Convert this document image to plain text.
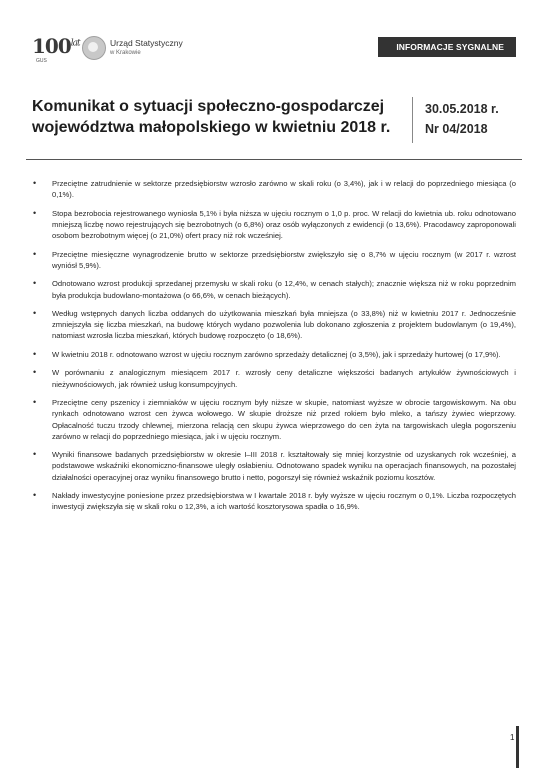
$100^{lat}$
GUS
Urząd Statystyczny
w Krakowie
INFORMACJE SYGNALNE
Komunikat o sytuacji społeczno-gospodarczej województwa małopolskiego w kwietniu 2018 r.
30.05.2018 r.
Nr 04/2018
• Przeciętne zatrudnienie w sektorze przedsiębiorstw wzrosło zarówno w skali roku (o 3,4%), jak i w relacji do poprzedniego miesiąca (o 0,1%).
• Stopa bezrobocia rejestrowanego wyniosła 5,1% i była niższa w ujęciu rocznym o 1,0 p. proc. W relacji do kwietnia ub. roku odnotowano mniejszą liczbę nowo rejestrujących się bezrobotnych (o 6,8%) oraz osób wyłączonych z ewidencji (o 13,6%). Pracodawcy zaproponowali osobom bezrobotnym więcej (o 21,0%) ofert pracy niż rok wcześniej.
• Przeciętne miesięczne wynagrodzenie brutto w sektorze przedsiębiorstw zwiększyło się o 8,7% w ujęciu rocznym (w 2017 r. wzrost wyniósł 5,9%).
• Odnotowano wzrost produkcji sprzedanej przemysłu w skali roku (o 12,4%, w cenach stałych); znacznie większa niż w roku poprzednim była produkcja budowlano-montażowa (o 66,6%, w cenach bieżących).
• Według wstępnych danych liczba oddanych do użytkowania mieszkań była mniejsza (o 33,8%) niż w kwietniu 2017 r. Jednocześnie zmniejszyła się liczba mieszkań, na budowę których wydano pozwolenia lub dokonano zgłoszenia z projektem budowlanym (o 19,4%), natomiast wzrosła liczba mieszkań, których budowę rozpoczęto (o 18,6%).
• W kwietniu 2018 r. odnotowano wzrost w ujęciu rocznym zarówno sprzedaży detalicznej (o 3,5%), jak i sprzedaży hurtowej (o 17,9%).
• W porównaniu z analogicznym miesiącem 2017 r. wzrosły ceny detaliczne większości badanych artykułów żywnościowych i nieżywnościowych, jak również usług konsumpcyjnych.
• Przeciętne ceny pszenicy i ziemniaków w ujęciu rocznym były niższe w skupie, natomiast wyższe w obrocie targowiskowym. Na obu rynkach odnotowano wzrost cen żywca wołowego. W skupie droższe niż przed rokiem było mleko, a tańszy żywiec wieprzowy. Opłacalność tuczu trzody chlewnej, mierzona relacją cen skupu żywca wieprzowego do cen żyta na targowiskach uległa pogorszeniu zarówno w relacji do poprzedniego miesiąca, jak i w ujęciu rocznym.
• Wyniki finansowe badanych przedsiębiorstw w okresie I–III 2018 r. kształtowały się mniej korzystnie od uzyskanych rok wcześniej, a podstawowe wskaźniki ekonomiczno-finansowe uległy osłabieniu. Odnotowano spadek wyniku na operacjach finansowych, na pozostałej działalności operacyjnej oraz wyniku finansowego brutto i netto, pogorszył się również wskaźnik poziomu kosztów.
• Nakłady inwestycyjne poniesione przez przedsiębiorstwa w I kwartale 2018 r. były wyższe w ujęciu rocznym o 0,1%. Liczba rozpoczętych inwestycji zwiększyła się w skali roku o 12,3%, a ich wartość kosztorysowa spadła o 16,9%.
1
